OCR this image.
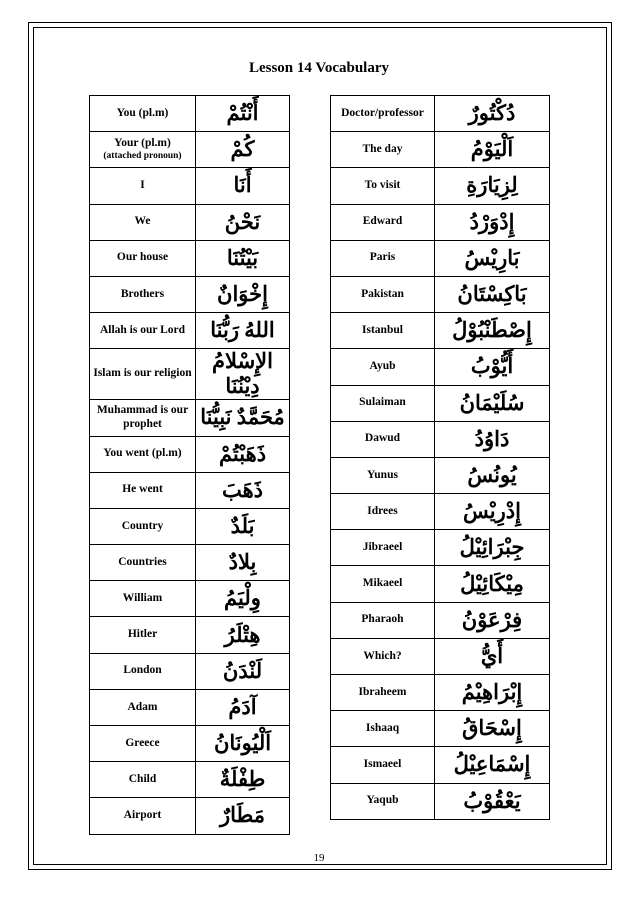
Lesson 14 Vocabulary
You (pl.m)	أنتم
Your (pl.m)
(attached pronoun)	كم
I	أنا
We	نحن
Our house	بيتنا
Brothers	إخوان
Allah is our Lord	الله ربنا
Islam is our religion	الإسلام ديننا
Muhammad is our prophet	محمد نبينا
You went (pl.m)	ذهبتم
He went	ذهب
Country	بلد
Countries	بلاد
William	وليم
Hitler	هتلر
London	لندن
Adam	آدم
Greece	اليونان
Child	طفلة
Airport	مطار
Doctor/professor	دكتور
The day	اليوم
To visit	لزيارة
Edward	إدورد
Paris	باريس
Pakistan	باكستان
Istanbul	إصطنبول
Ayub	أيوب
Sulaiman	سليمان
Dawud	داود
Yunus	يونس
Idrees	إدريس
Jibraeel	جبرائيل
Mikaeel	ميكائيل
Pharaoh	فرعون
Which?	أي
Ibraheem	إبراهيم
Ishaaq	إسحاق
Ismaeel	إسماعيل
Yaqub	يعقوب
19
